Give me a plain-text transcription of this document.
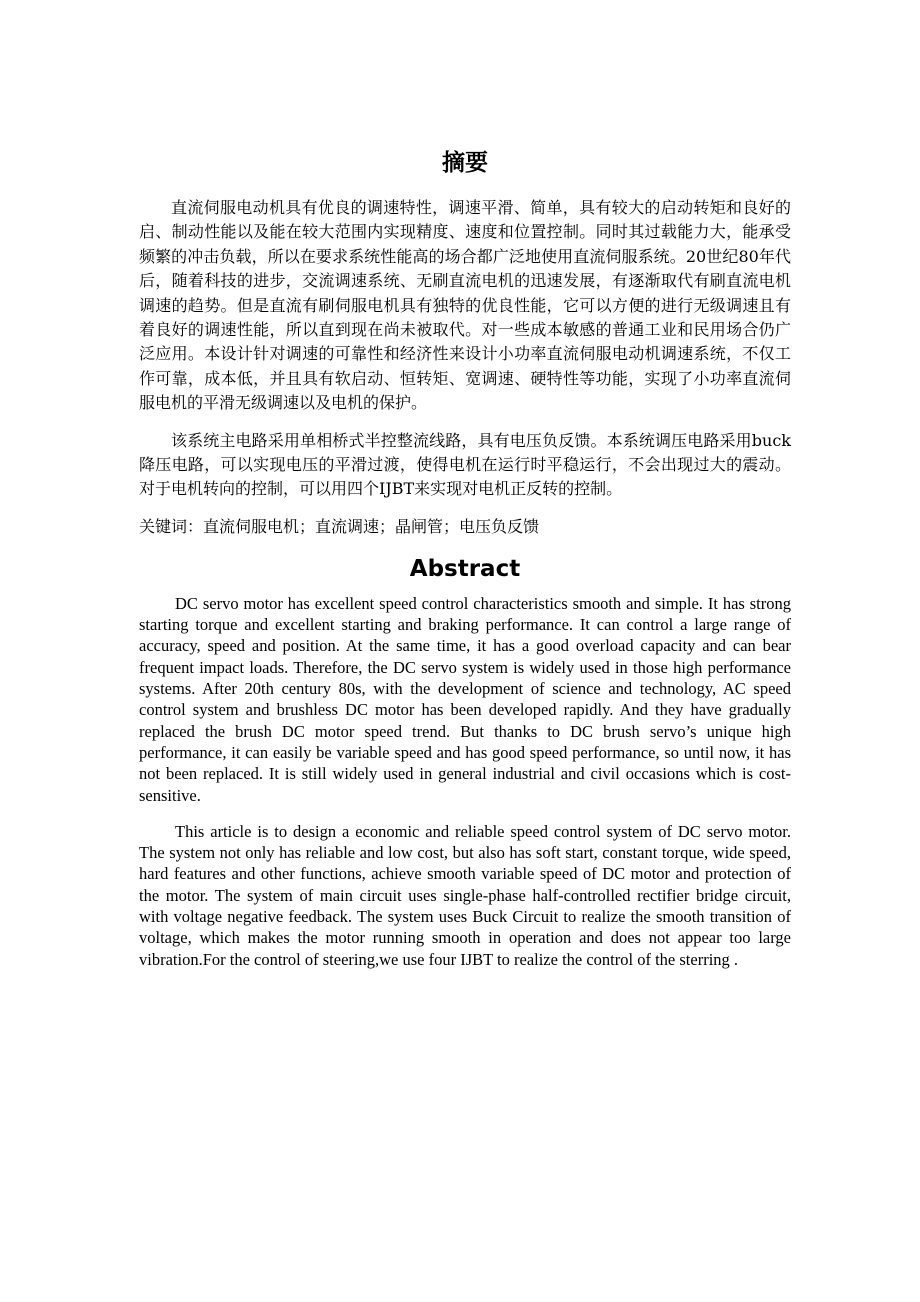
摘要

直流伺服电动机具有优良的调速特性，调速平滑、简单，具有较大的启动转矩和良好的启、制动性能以及能在较大范围内实现精度、速度和位置控制。同时其过载能力大，能承受频繁的冲击负载，所以在要求系统性能高的场合都广泛地使用直流伺服系统。20世纪80年代后，随着科技的进步，交流调速系统、无刷直流电机的迅速发展，有逐渐取代有刷直流电机调速的趋势。但是直流有刷伺服电机具有独特的优良性能，它可以方便的进行无级调速且有着良好的调速性能，所以直到现在尚未被取代。对一些成本敏感的普通工业和民用场合仍广泛应用。本设计针对调速的可靠性和经济性来设计小功率直流伺服电动机调速系统，不仅工作可靠，成本低，并且具有软启动、恒转矩、宽调速、硬特性等功能，实现了小功率直流伺服电机的平滑无级调速以及电机的保护。

该系统主电路采用单相桥式半控整流线路，具有电压负反馈。本系统调压电路采用buck降压电路，可以实现电压的平滑过渡，使得电机在运行时平稳运行，不会出现过大的震动。对于电机转向的控制，可以用四个IJBT来实现对电机正反转的控制。

关键词：直流伺服电机；直流调速；晶闸管；电压负反馈

Abstract

DC servo motor has excellent speed control characteristics smooth and simple. It has strong starting torque and excellent starting and braking performance. It can control a large range of accuracy, speed and position. At the same time, it has a good overload capacity and can bear frequent impact loads. Therefore, the DC servo system is widely used in those high performance systems. After 20th century 80s, with the development of science and technology, AC speed control system and brushless DC motor has been developed rapidly. And they have gradually replaced the brush DC motor speed trend. But thanks to DC brush servo’s unique high performance, it can easily be variable speed and has good speed performance, so until now, it has not been replaced. It is still widely used in general industrial and civil occasions which is cost-sensitive.

This article is to design a economic and reliable speed control system of DC servo motor. The system not only has reliable and low cost, but also has soft start, constant torque, wide speed, hard features and other functions, achieve smooth variable speed of DC motor and protection of the motor. The system of main circuit uses single-phase half-controlled rectifier bridge circuit, with voltage negative feedback. The system uses Buck Circuit to realize the smooth transition of voltage, which makes the motor running smooth in operation and does not appear too large vibration.For the control of steering,we use four IJBT to realize the control of the sterring .
